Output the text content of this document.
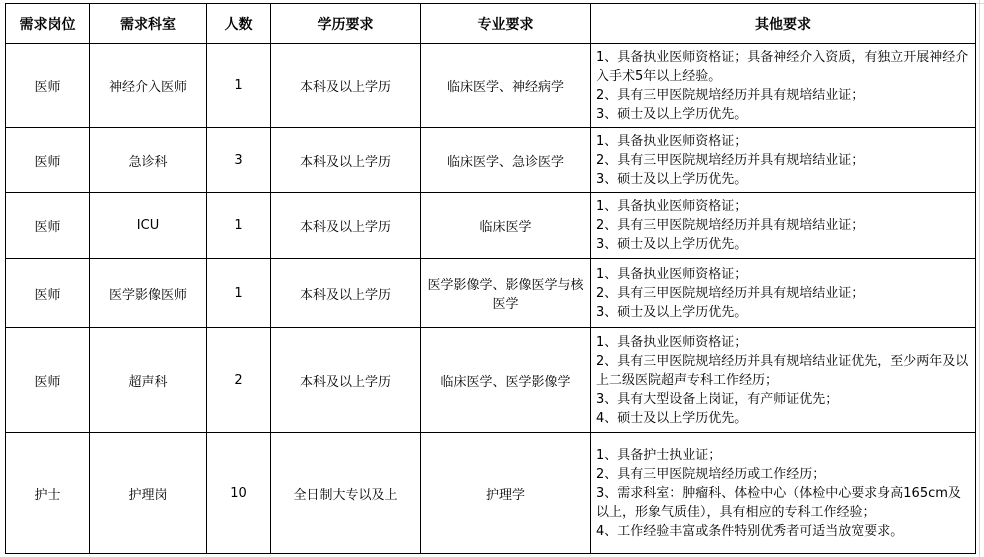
需求岗位	需求科室	人数	学历要求	专业要求	其他要求
医师	神经介入医师	1	本科及以上学历	临床医学、神经病学	1、具备执业医师资格证；具备神经介入资质，有独立开展神经介入手术5年以上经验。
2、具有三甲医院规培经历并具有规培结业证；
3、硕士及以上学历优先。

医师	急诊科	3	本科及以上学历	临床医学、急诊医学	1、具备执业医师资格证；
2、具有三甲医院规培经历并具有规培结业证；
3、硕士及以上学历优先。

医师	ICU	1	本科及以上学历	临床医学	1、具备执业医师资格证；
2、具有三甲医院规培经历并具有规培结业证；
3、硕士及以上学历优先。

医师	医学影像医师	1	本科及以上学历	医学影像学、影像医学与核医学	1、具备执业医师资格证；
2、具有三甲医院规培经历并具有规培结业证；
3、硕士及以上学历优先。

医师	超声科	2	本科及以上学历	临床医学、医学影像学	1、具备执业医师资格证；
2、具有三甲医院规培经历并具有规培结业证优先，至少两年及以上二级医院超声专科工作经历；
3、具有大型设备上岗证，有产师证优先；
4、硕士及以上学历优先。

护士	护理岗	10	全日制大专以及上	护理学	1、具备护士执业证；
2、具有三甲医院规培经历或工作经历；
3、需求科室：肿瘤科、体检中心（体检中心要求身高165cm及以上，形象气质佳），具有相应的专科工作经验；
4、工作经验丰富或条件特别优秀者可适当放宽要求。
